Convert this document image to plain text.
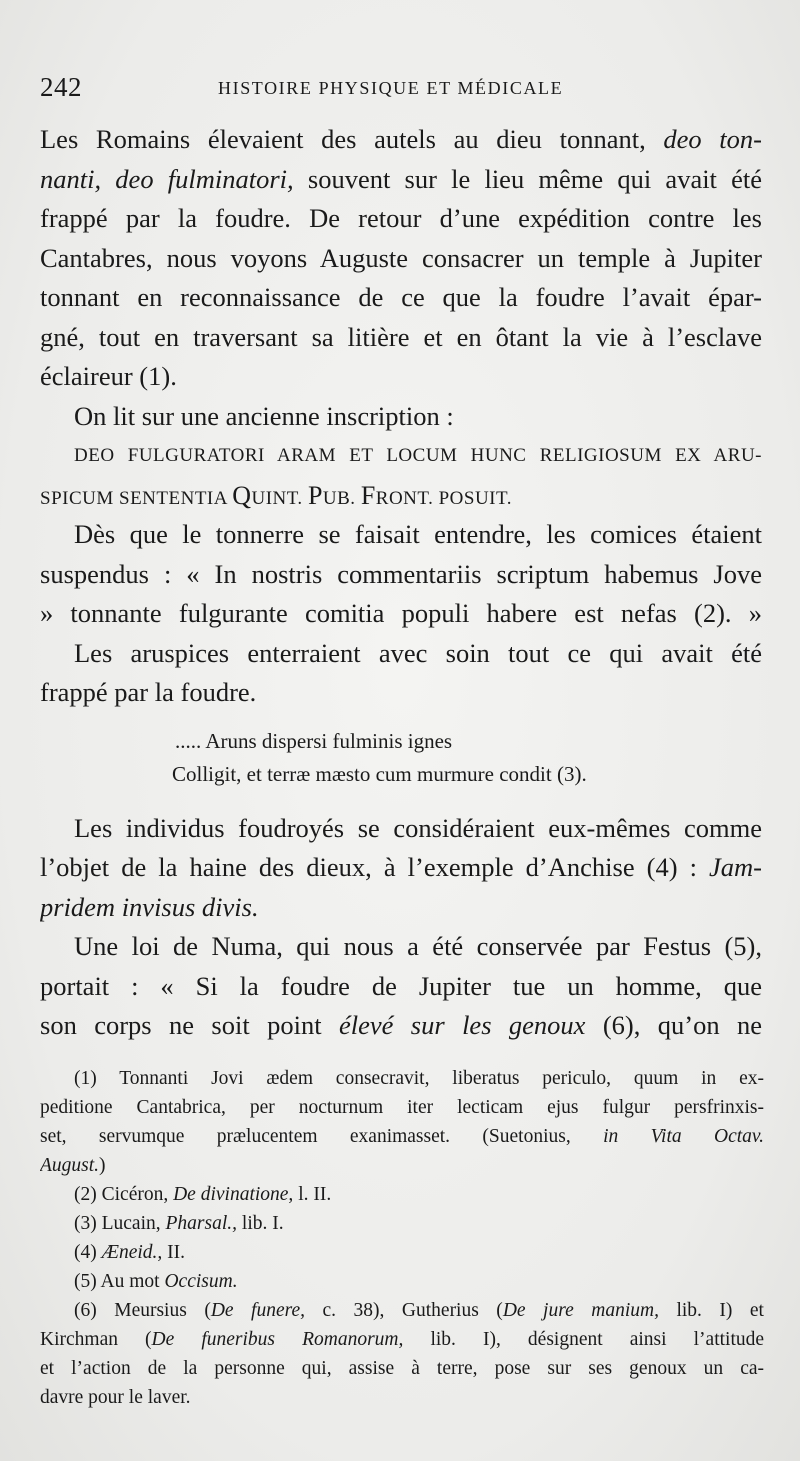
242	HISTOIRE PHYSIQUE ET MÉDICALE
Les Romains élevaient des autels au dieu tonnant, deo ton-
nanti, deo fulminatori, souvent sur le lieu même qui avait été
frappé par la foudre. De retour d’une expédition contre les
Cantabres, nous voyons Auguste consacrer un temple à Jupiter
tonnant en reconnaissance de ce que la foudre l’avait épar-
gné, tout en traversant sa litière et en ôtant la vie à l’esclave
éclaireur (1).
On lit sur une ancienne inscription :
DEO FULGURATORI ARAM ET LOCUM HUNC RELIGIOSUM EX ARU-
SPICUM SENTENTIA QUINT. PUB. FRONT. POSUIT.
Dès que le tonnerre se faisait entendre, les comices étaient
suspendus : « In nostris commentariis scriptum habemus Jove
» tonnante fulgurante comitia populi habere est nefas (2). »
Les aruspices enterraient avec soin tout ce qui avait été
frappé par la foudre.
..... Aruns dispersi fulminis ignes
Colligit, et terræ mæsto cum murmure condit (3).
Les individus foudroyés se considéraient eux-mêmes comme
l’objet de la haine des dieux, à l’exemple d’Anchise (4) : Jam-
pridem invisus divis.
Une loi de Numa, qui nous a été conservée par Festus (5),
portait : « Si la foudre de Jupiter tue un homme, que
son corps ne soit point élevé sur les genoux (6), qu’on ne
(1) Tonnanti Jovi ædem consecravit, liberatus periculo, quum in ex-
peditione Cantabrica, per nocturnum iter lecticam ejus fulgur persfrinxis-
set, servumque prælucentem exanimasset. (Suetonius, in Vita Octav.
August.)
(2) Cicéron, De divinatione, l. II.
(3) Lucain, Pharsal., lib. I.
(4) Æneid., II.
(5) Au mot Occisum.
(6) Meursius (De funere, c. 38), Gutherius (De jure manium, lib. I) et
Kirchman (De funeribus Romanorum, lib. I), désignent ainsi l’attitude
et l’action de la personne qui, assise à terre, pose sur ses genoux un ca-
davre pour le laver.
